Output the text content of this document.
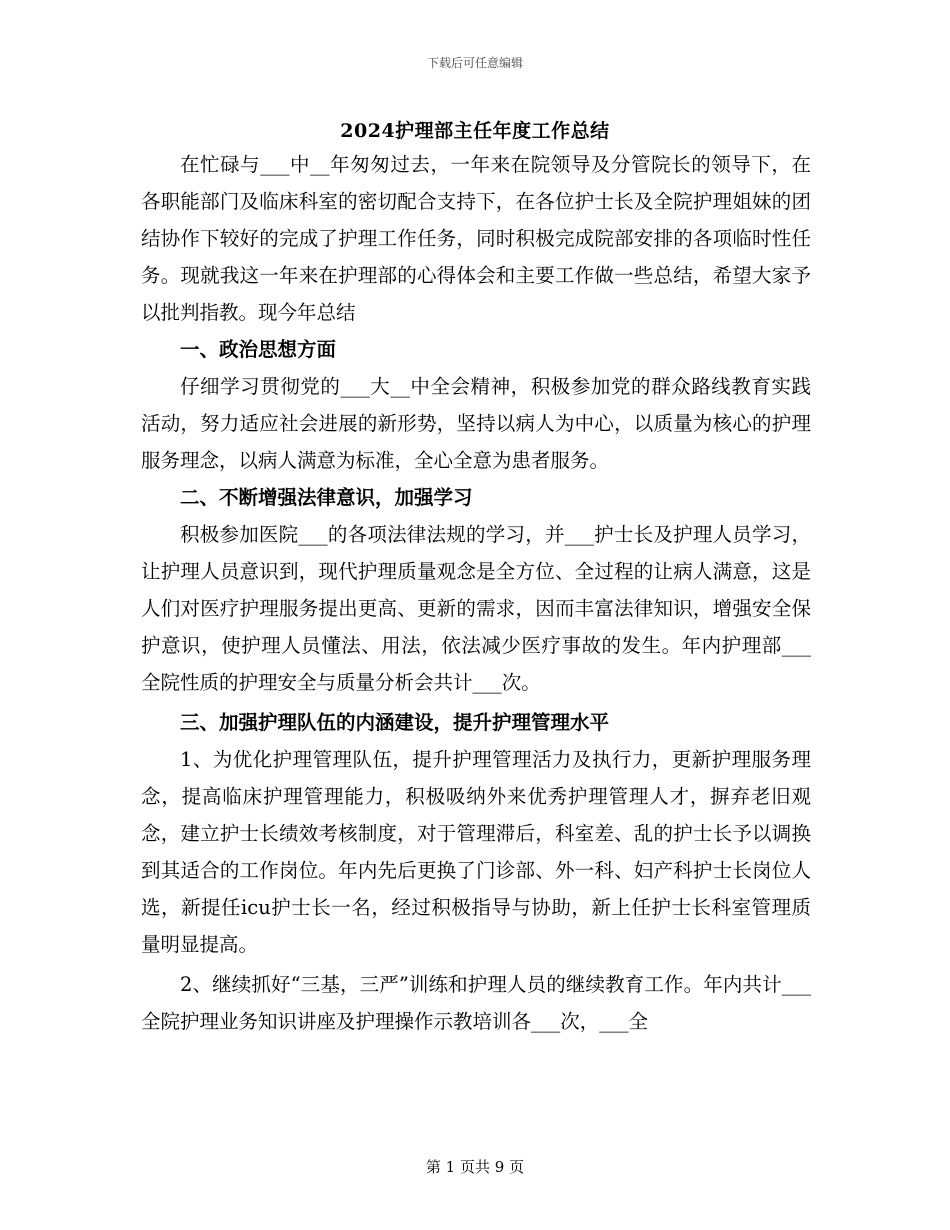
下载后可任意编辑
2024护理部主任年度工作总结

在忙碌与___中__年匆匆过去，一年来在院领导及分管院长的领导下，在各职能部门及临床科室的密切配合支持下，在各位护士长及全院护理姐妹的团结协作下较好的完成了护理工作任务，同时积极完成院部安排的各项临时性任务。现就我这一年来在护理部的心得体会和主要工作做一些总结，希望大家予以批判指教。现今年总结

一、政治思想方面

仔细学习贯彻党的___大__中全会精神，积极参加党的群众路线教育实践活动，努力适应社会进展的新形势，坚持以病人为中心，以质量为核心的护理服务理念，以病人满意为标准，全心全意为患者服务。

二、不断增强法律意识，加强学习

积极参加医院___的各项法律法规的学习，并___护士长及护理人员学习，让护理人员意识到，现代护理质量观念是全方位、全过程的让病人满意，这是人们对医疗护理服务提出更高、更新的需求，因而丰富法律知识，增强安全保护意识，使护理人员懂法、用法，依法减少医疗事故的发生。年内护理部___全院性质的护理安全与质量分析会共计___次。

三、加强护理队伍的内涵建设，提升护理管理水平

1、为优化护理管理队伍，提升护理管理活力及执行力，更新护理服务理念，提高临床护理管理能力，积极吸纳外来优秀护理管理人才，摒弃老旧观念，建立护士长绩效考核制度，对于管理滞后，科室差、乱的护士长予以调换到其适合的工作岗位。年内先后更换了门诊部、外一科、妇产科护士长岗位人选，新提任icu护士长一名，经过积极指导与协助，新上任护士长科室管理质量明显提高。

2、继续抓好“三基，三严”训练和护理人员的继续教育工作。年内共计___全院护理业务知识讲座及护理操作示教培训各___次，___全

第 1 页共 9 页
